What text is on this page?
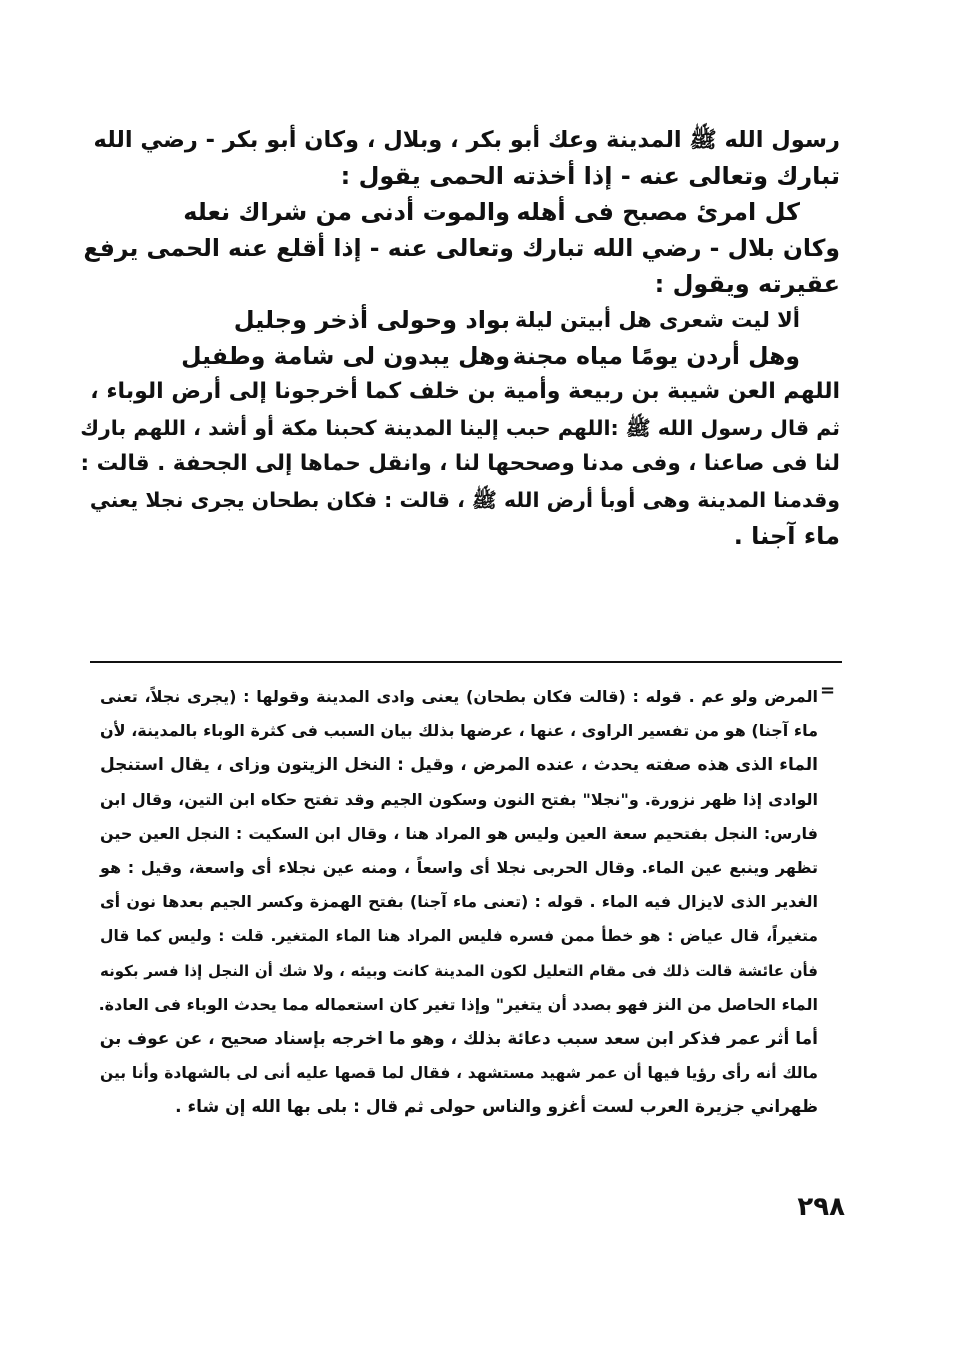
رسول الله ﷺ المدينة وعك أبو بكر ، وبلال ، وكان أبو بكر - رضي الله
تبارك وتعالى عنه - إذا أخذته الحمى يقول :
كل امرئ مصبح فى أهله
والموت أدنى من شراك نعله
وكان بلال - رضي الله تبارك وتعالى عنه - إذا أقلع عنه الحمى يرفع
عقيرته ويقول :
ألا ليت شعرى هل أبيتن ليلة
بواد وحولى أذخر وجليل
وهل أردن يومًا مياه مجنة
وهل يبدون لى شامة وطفيل
اللهم العن شيبة بن ربيعة وأمية بن خلف كما أخرجونا إلى أرض الوباء ،
ثم قال رسول الله ﷺ :اللهم حبب إلينا المدينة كحبنا مكة أو أشد ، اللهم بارك
لنا فى صاعنا ، وفى مدنا وصححها لنا ، وانقل حماها إلى الجحفة . قالت :
وقدمنا المدينة وهى أوبأ أرض الله ﷺ ، قالت : فكان بطحان يجرى نجلا يعني
ماء آجنا .
=
المرض ولو عم . قوله : (قالت فكان بطحان) يعنى وادى المدينة وقولها : (يجرى نجلاً، تعنى
ماء آجنا) هو من تفسير الراوى ، عنها ، عرضها بذلك بيان السبب فى كثرة الوباء بالمدينة، لأن
الماء الذى هذه صفته يحدث ، عنده المرض ، وقيل : النخل الزيتون وزاى ، يقال استنجل
الوادى إذا ظهر نزورة. و"نجلا" بفتح النون وسكون الجيم وقد تفتح حكاه ابن التين، وقال ابن
فارس: النجل بفتحيم سعة العين وليس هو المراد هنا ، وقال ابن السكيت : النجل العين حين
تظهر وينبع عين الماء. وقال الحربى نجلا أى واسعاً ، ومنه عين نجلاء أى واسعة، وقيل : هو
الغدير الذى لايزال فيه الماء . قوله : (تعنى ماء آجنا) بفتح الهمزة وكسر الجيم بعدها نون أى
متغيراً، قال عياض : هو خطأ ممن فسره فليس المراد هنا الماء المتغير. قلت : وليس كما قال
فأن عائشة قالت ذلك فى مقام التعليل لكون المدينة كانت وبيئه ، ولا شك أن النجل إذا فسر بكونه
الماء الحاصل من النز فهو بصدد أن يتغير" وإذا تغير كان استعماله مما يحدث الوباء فى العادة.
أما أثر عمر فذكر ابن سعد سبب دعائة بذلك ، وهو ما اخرجه بإسناد صحيح ، عن عوف بن
مالك أنه رأى رؤيا فيها أن عمر شهيد مستشهد ، فقال لما قصها عليه أنى لى بالشهادة وأنا بين
ظهراني جزيرة العرب لست أغزو والناس حولى ثم قال : بلى بها الله إن شاء .
٢٩٨
